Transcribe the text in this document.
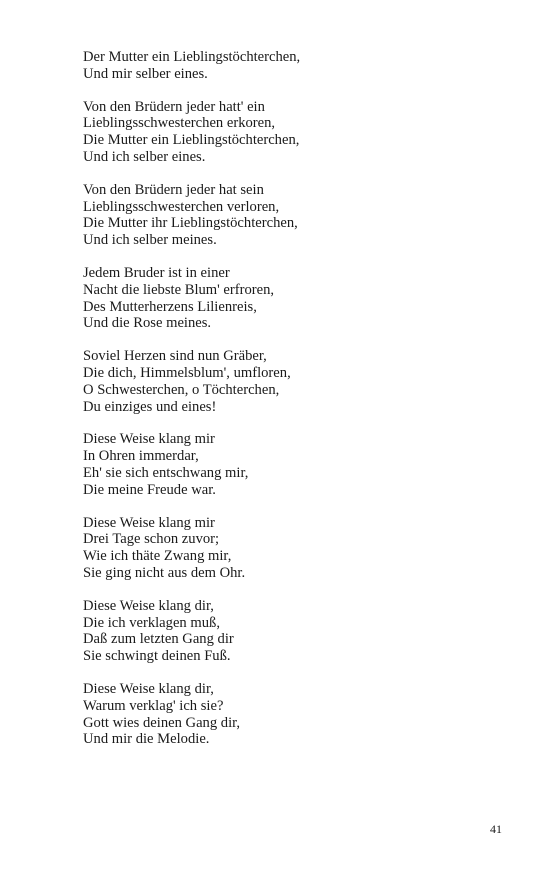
Der Mutter ein Lieblingstöchterchen,
Und mir selber eines.
Von den Brüdern jeder hatt' ein
Lieblingsschwesterchen erkoren,
Die Mutter ein Lieblingstöchterchen,
Und ich selber eines.
Von den Brüdern jeder hat sein
Lieblingsschwesterchen verloren,
Die Mutter ihr Lieblingstöchterchen,
Und ich selber meines.
Jedem Bruder ist in einer
Nacht die liebste Blum' erfroren,
Des Mutterherzens Lilienreis,
Und die Rose meines.
Soviel Herzen sind nun Gräber,
Die dich, Himmelsblum', umfloren,
O Schwesterchen, o Töchterchen,
Du einziges und eines!
Diese Weise klang mir
In Ohren immerdar,
Eh' sie sich entschwang mir,
Die meine Freude war.
Diese Weise klang mir
Drei Tage schon zuvor;
Wie ich thäte Zwang mir,
Sie ging nicht aus dem Ohr.
Diese Weise klang dir,
Die ich verklagen muß,
Daß zum letzten Gang dir
Sie schwingt deinen Fuß.
Diese Weise klang dir,
Warum verklag' ich sie?
Gott wies deinen Gang dir,
Und mir die Melodie.
41
